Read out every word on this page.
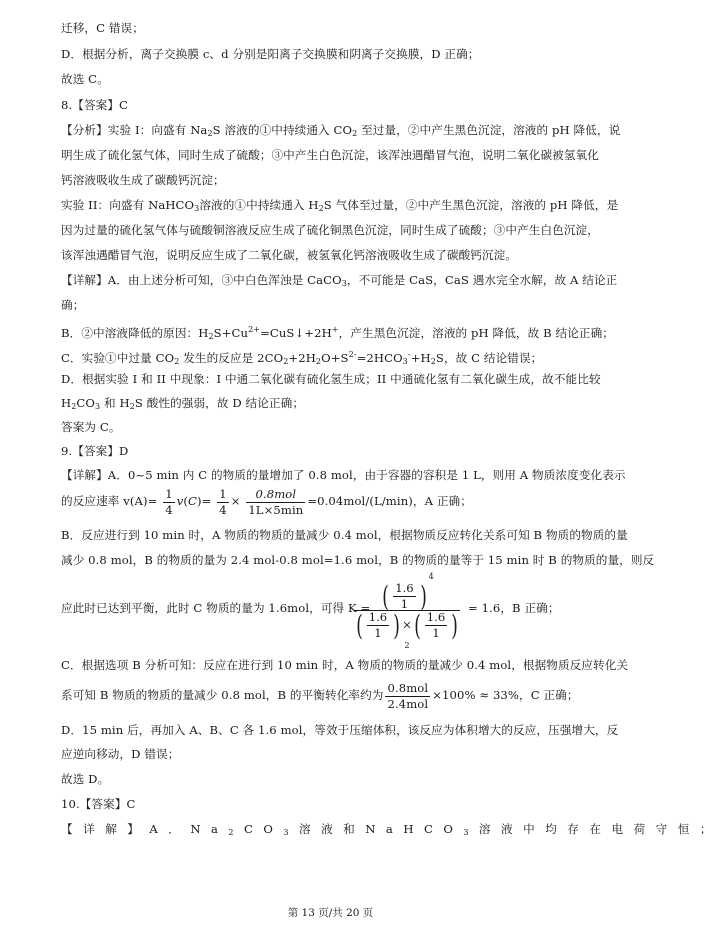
迁移，C 错误；
D．根据分析，离子交换膜 c、d 分别是阳离子交换膜和阴离子交换膜，D 正确；
故选 C。
8.【答案】C
【分析】实验 I：向盛有 $Na_2S$ 溶液的①中持续通入 $CO_2$ 至过量，②中产生黑色沉淀，溶液的 pH 降低，说
明生成了硫化氢气体，同时生成了硫酸；③中产生白色沉淀，该浑浊遇醋冒气泡，说明二氧化碳被氢氧化
钙溶液吸收生成了碳酸钙沉淀；
实验 II：向盛有 NaHCO$_3$溶液的①中持续通入 $H_2S$ 气体至过量，②中产生黑色沉淀，溶液的 pH 降低，是
因为过量的硫化氢气体与硫酸铜溶液反应生成了硫化铜黑色沉淀，同时生成了硫酸；③中产生白色沉淀，
该浑浊遇醋冒气泡，说明反应生成了二氧化碳，被氢氧化钙溶液吸收生成了碳酸钙沉淀。
【详解】A．由上述分析可知，③中白色浑浊是 CaCO$_3$，不可能是 CaS，CaS 遇水完全水解，故 A 结论正
确；
B．②中溶液降低的原因：$H_2S+Cu^{2+}=CuS↓+2H^+$，产生黑色沉淀，溶液的 pH 降低，故 B 结论正确；
C．实验①中过量 $CO_2$ 发生的反应是 $2CO_2+2H_2O+S^{2-}=2HCO_3^-+H_2S$，故 C 结论错误；
D．根据实验 I 和 II 中现象：I 中通二氧化碳有硫化氢生成；II 中通硫化氢有二氧化碳生成，故不能比较
$H_2CO_3$ 和 $H_2S$ 酸性的强弱，故 D 结论正确；
答案为 C。
9.【答案】D
【详解】A．0~5 min 内 C 的物质的量增加了 0.8 mol，由于容器的容积是 1 L，则用 A 物质浓度变化表示
的反应速率 $v(A)= \frac{1}{4} v(C)= \frac{1}{4} \times \frac{\text{0.8mol}}{1L\times 5\min} =0.04mol/(L/\min)$，A 正确；
B．反应进行到 10 min 时，A 物质的物质的量减少 0.4 mol，根据物质反应转化关系可知 B 物质的物质的量
减少 0.8 mol，B 的物质的量为 2.4 mol-0.8 mol=1.6 mol，B 的物质的量等于 15 min 时 B 的物质的量，则反
应此时已达到平衡，此时 C 物质的量为 1.6mol，可得 K = ( $\frac{1.6}{1} )^4$
( $\frac{1.6}{1}$ ) ×( $\frac{1.6}{1} )^2$
= 1.6，B 正确；
C．根据选项 B 分析可知：反应在进行到 10 min 时，A 物质的物质的量减少 0.4 mol，根据物质反应转化关
系可知 B 物质的物质的量减少 0.8 mol，B 的平衡转化率约为 $\frac{\text{0.8mol}}{\text{2.4mol}} \times 100\% \approx 33\%$，C 正确；
D．15 min 后，再加入 A、B、C 各 1.6 mol，等效于压缩体积，该反应为体积增大的反应，压强增大，反
应逆向移动，D 错误；
故选 D。
10.【答案】C
【详解】A．$Na_2CO_3$溶液和NaHCO$_3$溶液中均存在电荷守恒；
第 13 页/共 20 页
